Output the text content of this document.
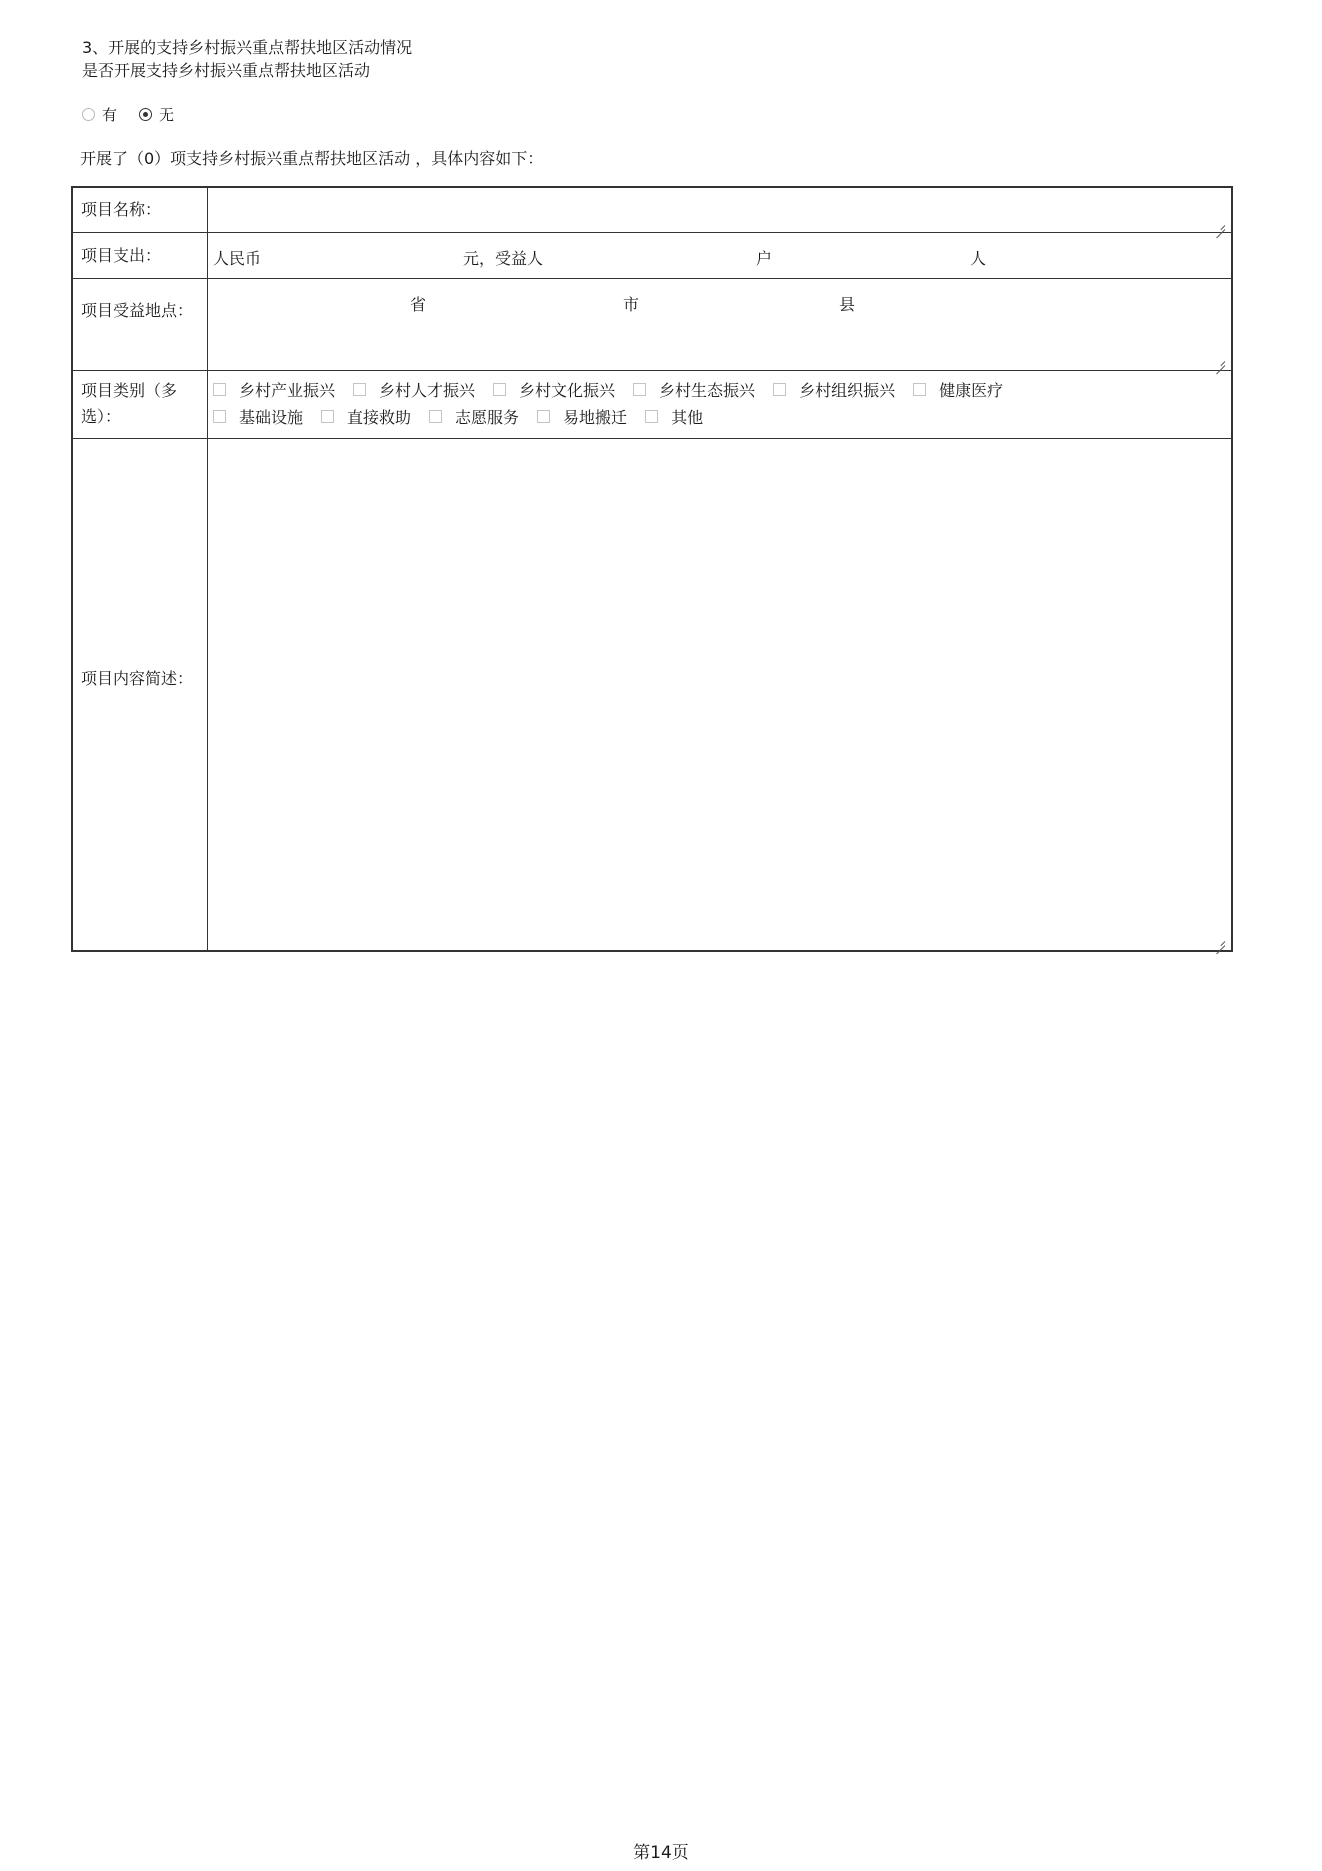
3、开展的支持乡村振兴重点帮扶地区活动情况
是否开展支持乡村振兴重点帮扶地区活动
有	无
开展了（0）项支持乡村振兴重点帮扶地区活动 ，具体内容如下：
项目名称：
项目支出：	人民币	元，受益人	户	人
项目受益地点：	省	市	县
项目类别（多选）：
乡村产业振兴	乡村人才振兴	乡村文化振兴	乡村生态振兴	乡村组织振兴	健康医疗
基础设施	直接救助	志愿服务	易地搬迁	其他
项目内容简述：
第14页
